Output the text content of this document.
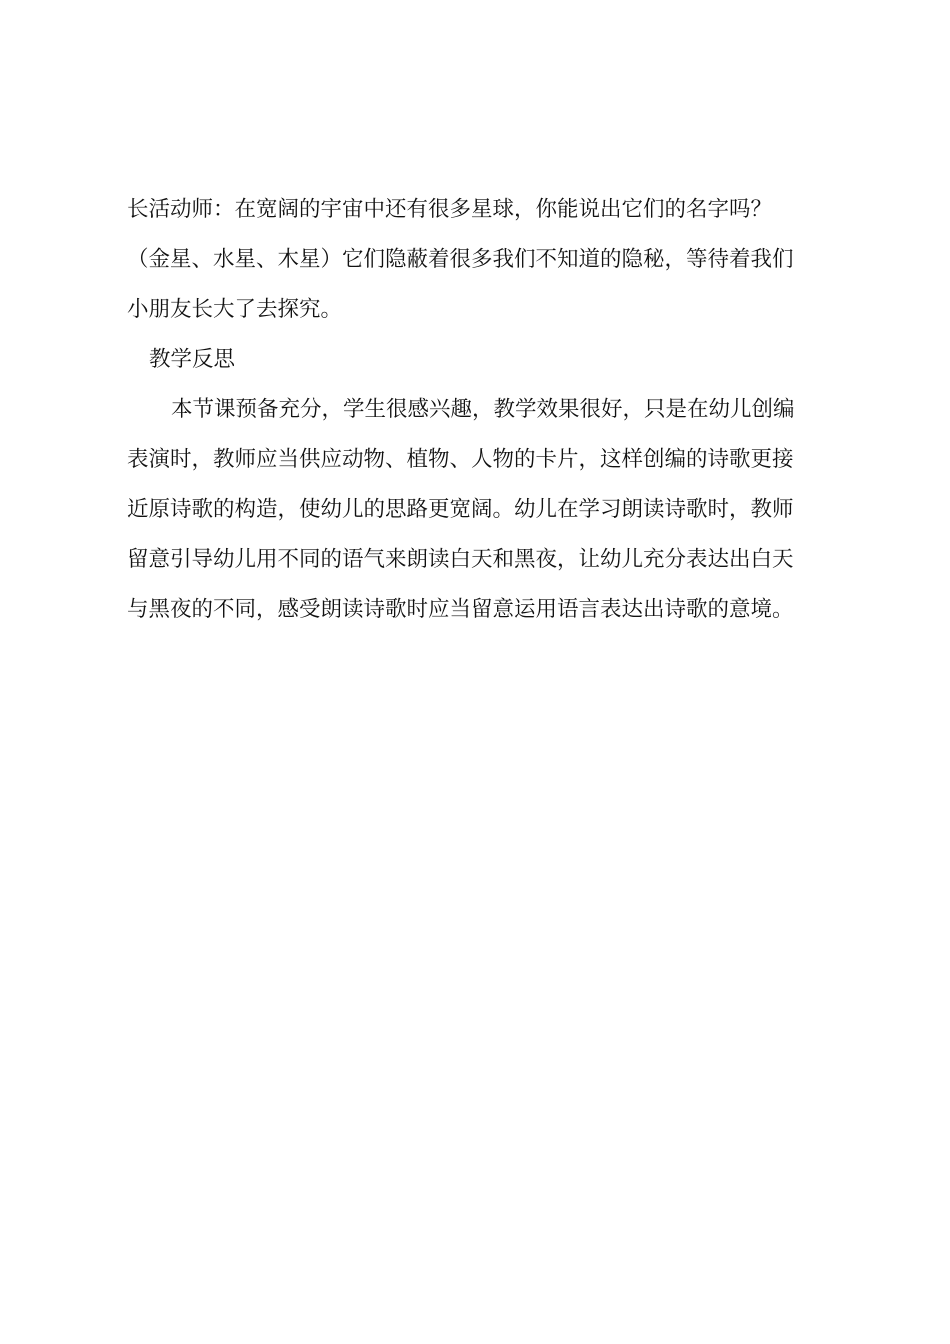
长活动师：在宽阔的宇宙中还有很多星球，你能说出它们的名字吗？
（金星、水星、木星）它们隐蔽着很多我们不知道的隐秘，等待着我们
小朋友长大了去探究。
教学反思
本节课预备充分，学生很感兴趣，教学效果很好，只是在幼儿创编
表演时，教师应当供应动物、植物、人物的卡片，这样创编的诗歌更接
近原诗歌的构造，使幼儿的思路更宽阔。幼儿在学习朗读诗歌时，教师
留意引导幼儿用不同的语气来朗读白天和黑夜，让幼儿充分表达出白天
与黑夜的不同，感受朗读诗歌时应当留意运用语言表达出诗歌的意境。
